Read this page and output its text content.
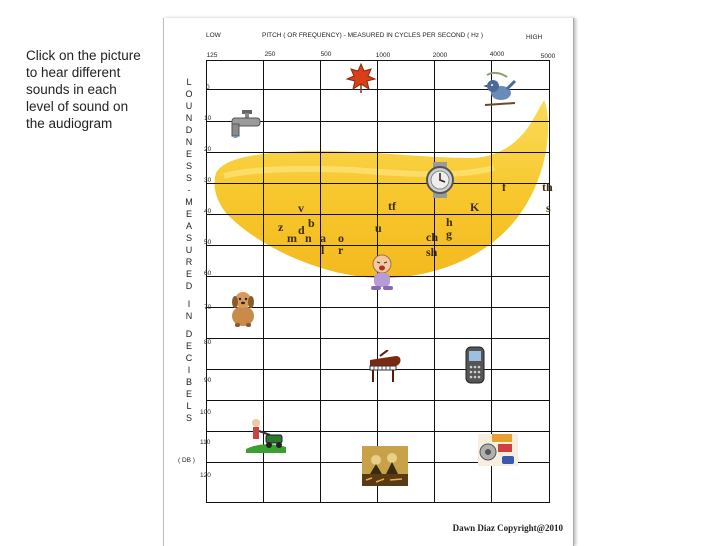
Click on the picture to hear different sounds in each level of sound on the audiogram
LOW	PITCH ( OR FREQUENCY) - MEASURED IN CYCLES PER SECOND ( Hz )	HIGH
125	250	500	1000	2000	4000	5000
L
O
U
N
D
N
E
S
S
-
M
E
A
S
U
R
E
D
I
N
D
E
C
I
B
E
L
S
( DB )
0
10
20
30
40
50
60
70
80
90
100
110
120
v	tf
f	th
s
K
h
g
z d b
m n a o
u
ch
sh
l r
Dawn Diaz Copyright@2010
